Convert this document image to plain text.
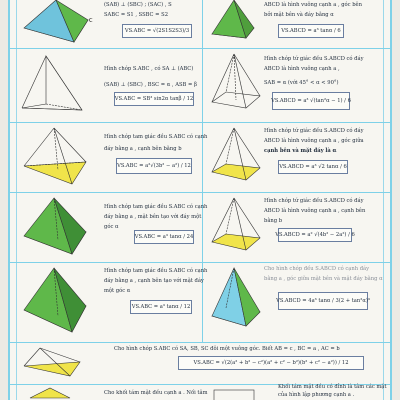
C
(SAB) ⊥ (SBC) ; (SAC) , S
SABC = S1 , SSBC = S2
VS.ABC = √(2S1S2S3)/3
ABCD là hình vuông cạnh a , góc bên
bởi mặt bên và đáy bằng α
VS.ABCD = a³ tanα / 6
Hình chóp S.ABC , có SA ⊥ (ABC)
(SAB) ⊥ (SBC) , BSC = α , ASB = β
VS.ABC = SB³ sin2α tanβ / 12
Hình chóp tứ giác đều S.ABCD có đáy
ABCD là hình vuông cạnh a ,
SAB = α (với 45° < α < 90°)
VS.ABCD = a³ √(tan²α − 1) / 6
Hình chóp tam giác đều S.ABC có cạnh
đáy bằng a , cạnh bên bằng b
VS.ABC = a²√(3b² − a²) / 12
Hình chóp tứ giác đều S.ABCD có đáy
ABCD là hình vuông cạnh a , góc giữa
cạnh bên và mặt đáy là α
VS.ABCD = a³ √2 tanα / 6
Hình chóp tam giác đều S.ABC có cạnh
đáy bằng a , mặt bên tạo với đáy một
góc α
VS.ABC = a³ tanα / 24
Hình chóp tứ giác đều S.ABCD có đáy
ABCD là hình vuông cạnh a , cạnh bên
bằng b
VS.ABCD = a² √(4b² − 2a²) / 6
Hình chóp tam giác đều S.ABC có cạnh
đáy bằng a , cạnh bên tạo với mặt đáy
một góc α
VS.ABC = a³ tanα / 12
Cho hình chóp đều S.ABCD có cạnh đáy
bằng a , góc giữa mặt bên và mặt đáy bằng α
VS.ABCD = 4a³ tanα / 3(2 + tan²α)³
Cho hình chóp S.ABC có SA, SB, SC đôi một vuông góc. Biết AB = c , BC = a , AC = b
VS.ABC = √(2(a² + b² − c²)(a² + c² − b²)(b² + c² − a²)) / 12
Cho khối tám mặt đều cạnh a . Nối tâm
Khối tám mặt đều có đỉnh là tâm các mặt
của hình lập phương cạnh a .
